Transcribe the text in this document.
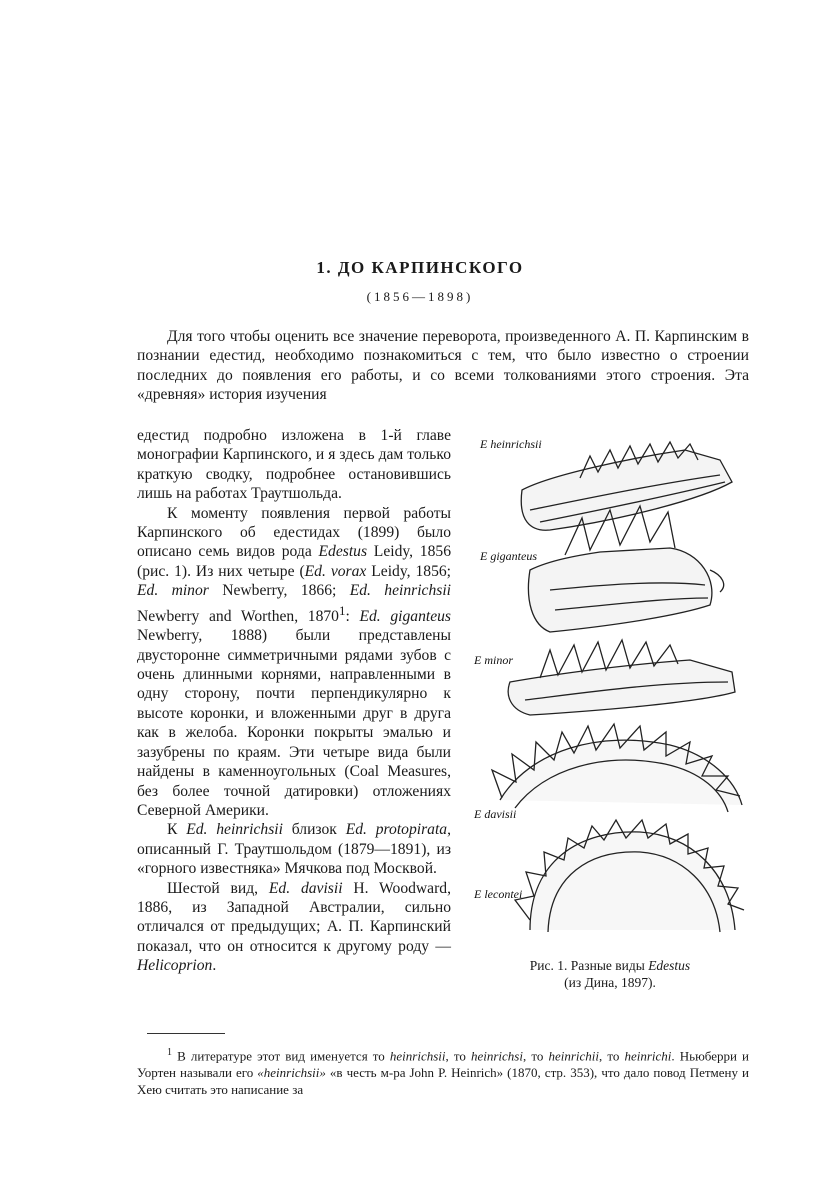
1. ДО КАРПИНСКОГО
(1856—1898)

Для того чтобы оценить все значение переворота, произведенного А. П. Карпинским в познании едестид, необходимо познакомиться с тем, что было известно о строении последних до появления его работы, и со всеми толкованиями этого строения. Эта «древняя» история изучения

едестид подробно изложена в 1-й главе монографии Карпинского, и я здесь дам только краткую сводку, подробнее остановившись лишь на работах Траутшольда.

К моменту появления первой работы Карпинского об едестидах (1899) было описано семь видов рода Edestus Leidy, 1856 (рис. 1). Из них четыре (Ed. vorax Leidy, 1856; Ed. minor Newberry, 1866; Ed. heinrichsii Newberry and Worthen, 1870$^1$: Ed. giganteus Newberry, 1888) были представлены двусторонне симметричными рядами зубов с очень длинными корнями, направленными в одну сторону, почти перпендикулярно к высоте коронки, и вложенными друг в друга как в желоба. Коронки покрыты эмалью и зазубрены по краям. Эти четыре вида были найдены в каменноугольных (Coal Measures, без более точной датировки) отложениях Северной Америки.

К Ed. heinrichsii близок Ed. protopirata, описанный Г. Траутшольдом (1879—1891), из «горного известняка» Мячкова под Москвой.

Шестой вид, Ed. davisii H. Woodward, 1886, из Западной Австралии, сильно отличался от предыдущих; А. П. Карпинский показал, что он относится к другому роду — Helicoprion.

E heinrichsii
E giganteus
E minor
E davisii
E lecontei
Рис. 1. Разные виды Edestus
(из Дина, 1897).

$^1$ В литературе этот вид именуется то heinrichsii, то heinrichsi, то heinrichii, то heinrichi. Ньюберри и Уортен называли его «heinrichsii» «в честь м-ра John P. Heinrich» (1870, стр. 353), что дало повод Петмену и Хею считать это написание за
